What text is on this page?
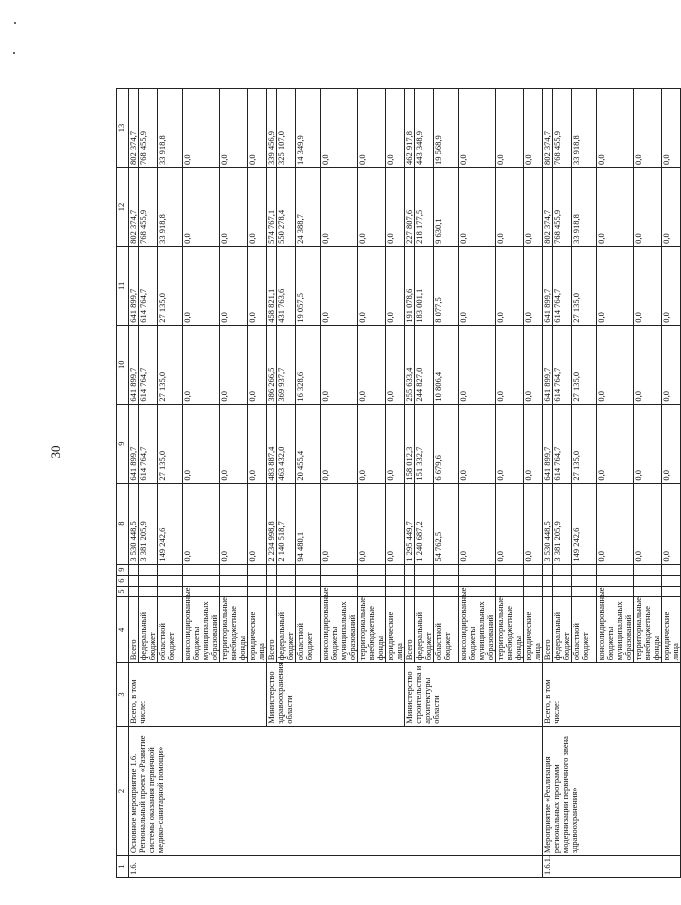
30
1	2	3	4	5	6	9	8	9	10	11	12	13
1.6.	Основное мероприятие 1.6. Региональный проект «Развитие системы оказания первичной медико-санитарной помощи»	Всего, в том числе:	Всего				3 530 448,5	641 899,7	641 899,7	641 899,7	802 374,7	802 374,7
			федеральный бюджет				3 381 205,9	614 764,7	614 764,7	614 764,7	768 455,9	768 455,9
			областной бюджет				149 242,6	27 135,0	27 135,0	27 135,0	33 918,8	33 918,8
			консолидированные бюджеты муниципальных образований				0,0	0,0	0,0	0,0	0,0	0,0
			территориальные внебюджетные фонды				0,0	0,0	0,0	0,0	0,0	0,0
			юридические лица				0,0	0,0	0,0	0,0	0,0	0,0
		Министерство здравоохранения области	Всего				2 234 998,8	483 887,4	386 266,5	458 821,1	574 767,1	339 456,9
			федеральный бюджет				2 140 518,7	463 432,0	369 937,7	431 763,6	550 278,4	325 107,0
			областной бюджет				94 480,1	20 455,4	16 328,6	19 057,5	24 388,7	14 349,9
			консолидированные бюджеты муниципальных образований				0,0	0,0	0,0	0,0	0,0	0,0
			территориальные внебюджетные фонды				0,0	0,0	0,0	0,0	0,0	0,0
			юридические лица				0,0	0,0	0,0	0,0	0,0	0,0
		Министерство строительства и архитектуры области	Всего				1 295 449,7	158 012,3	255 633,4	191 078,6	227 807,6	462 917,8
			федеральный бюджет				1 240 687,2	151 332,7	244 827,0	183 001,1	218 177,5	443 348,9
			областной бюджет				54 762,5	6 679,6	10 806,4	8 077,5	9 630,1	19 568,9
			консолидированные бюджеты муниципальных образований				0,0	0,0	0,0	0,0	0,0	0,0
			территориальные внебюджетные фонды				0,0	0,0	0,0	0,0	0,0	0,0
			юридические лица				0,0	0,0	0,0	0,0	0,0	0,0
1.6.1.	Мероприятие «Реализация региональных программ модернизации первичного звена здравоохранения»	Всего, в том числе:	Всего				3 530 448,5	641 899,7	641 899,7	641 899,7	802 374,7	802 374,7
			федеральный бюджет				3 381 205,9	614 764,7	614 764,7	614 764,7	768 455,9	768 455,9
			областной бюджет				149 242,6	27 135,0	27 135,0	27 135,0	33 918,8	33 918,8
			консолидированные бюджеты муниципальных образований				0,0	0,0	0,0	0,0	0,0	0,0
			территориальные внебюджетные фонды				0,0	0,0	0,0	0,0	0,0	0,0
			юридические лица				0,0	0,0	0,0	0,0	0,0	0,0
